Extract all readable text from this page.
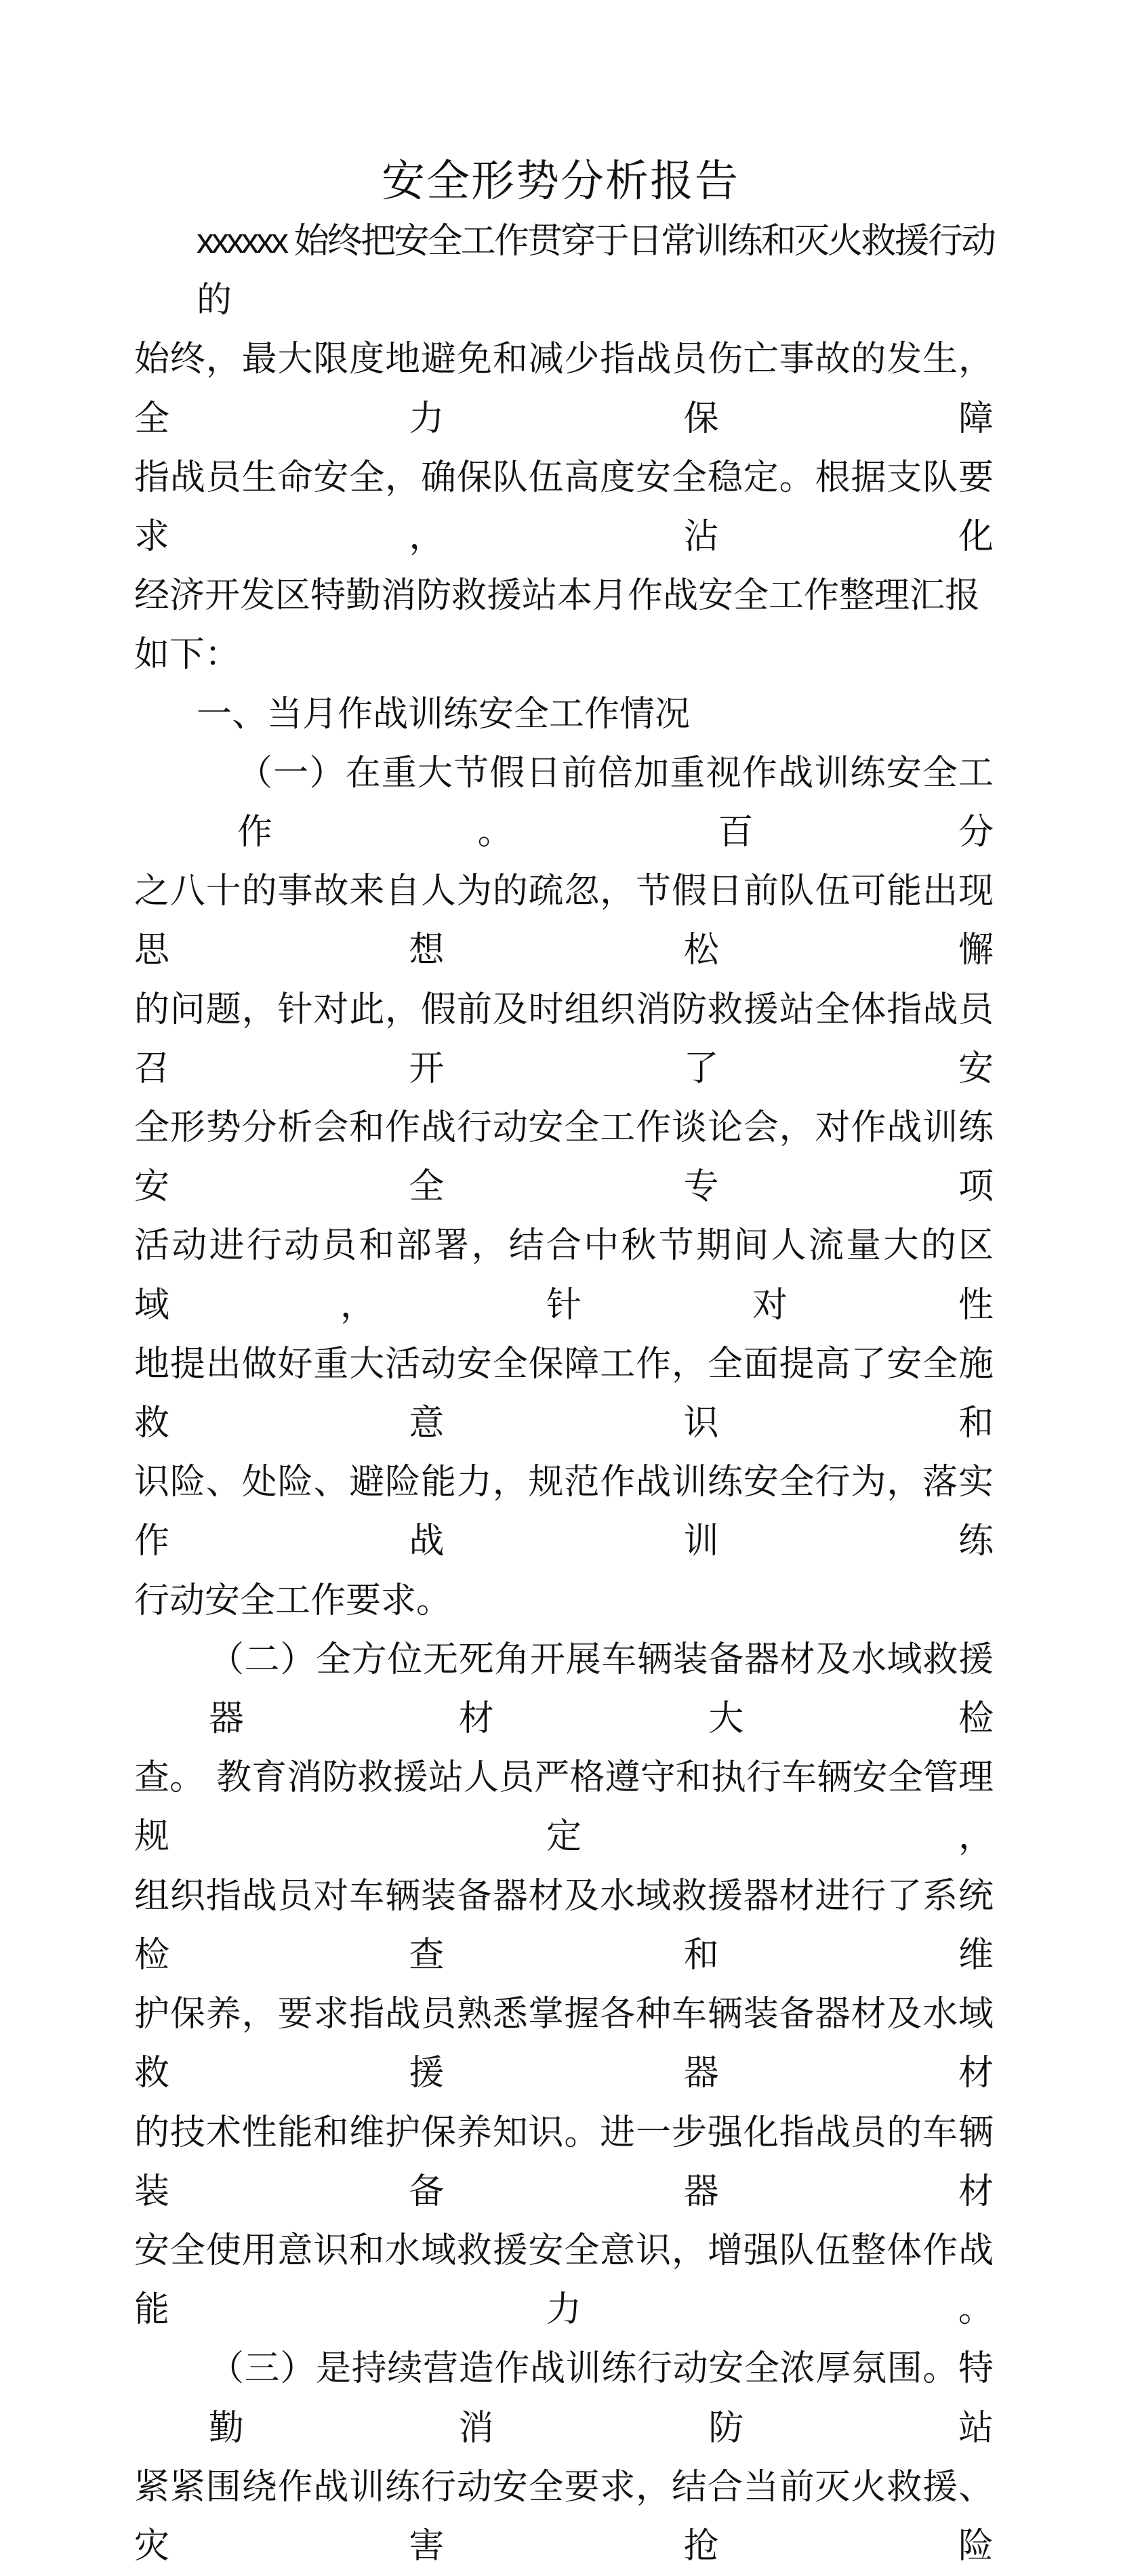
安全形势分析报告
xxxxxx 始终把安全工作贯穿于日常训练和灭火救援行动的
始终，最大限度地避免和减少指战员伤亡事故的发生，全力保障
指战员生命安全，确保队伍高度安全稳定。根据支队要求，沾化
经济开发区特勤消防救援站本月作战安全工作整理汇报如下：
一、当月作战训练安全工作情况
（一）在重大节假日前倍加重视作战训练安全工作。百分
之八十的事故来自人为的疏忽，节假日前队伍可能出现思想松懈
的问题，针对此，假前及时组织消防救援站全体指战员召开了安
全形势分析会和作战行动安全工作谈论会，对作战训练安全专项
活动进行动员和部署，结合中秋节期间人流量大的区域，针对性
地提出做好重大活动安全保障工作，全面提高了安全施救意识和
识险、处险、避险能力，规范作战训练安全行为，落实作战训练
行动安全工作要求。
（二）全方位无死角开展车辆装备器材及水域救援器材大检
查。 教育消防救援站人员严格遵守和执行车辆安全管理规定，
组织指战员对车辆装备器材及水域救援器材进行了系统检查和维
护保养，要求指战员熟悉掌握各种车辆装备器材及水域救援器材
的技术性能和维护保养知识。进一步强化指战员的车辆装备器材
安全使用意识和水域救援安全意识，增强队伍整体作战能力。
（三）是持续营造作战训练行动安全浓厚氛围。特勤消防站
紧紧围绕作战训练行动安全要求，结合当前灭火救援、灾害抢险
